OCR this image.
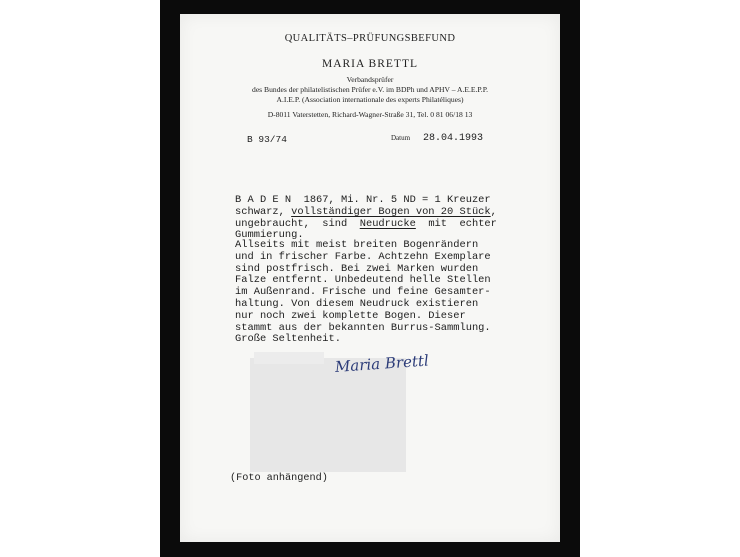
QUALITÄTS–PRÜFUNGSBEFUND
MARIA BRETTL
Verbandsprüfer
des Bundes der philatelistischen Prüfer e.V. im BDPh und APHV – A.E.E.P.P.
A.I.E.P. (Association internationale des experts Philatéliques)
D-8011 Vaterstetten, Richard-Wagner-Straße 31, Tel. 0 81 06/18 13
B 93/74	Datum 28.04.1993
B A D E N  1867, Mi. Nr. 5 ND = 1 Kreuzer
schwarz, vollständiger Bogen von 20 Stück,
ungebraucht,  sind  Neudrucke  mit  echter
Gummierung.
Allseits mit meist breiten Bogenrändern
und in frischer Farbe. Achtzehn Exemplare
sind postfrisch. Bei zwei Marken wurden
Falze entfernt. Unbedeutend helle Stellen
im Außenrand. Frische und feine Gesamter-
haltung. Von diesem Neudruck existieren
nur noch zwei komplette Bogen. Dieser
stammt aus der bekannten Burrus-Sammlung.
Große Seltenheit.
Maria Brettl
(Foto anhängend)
